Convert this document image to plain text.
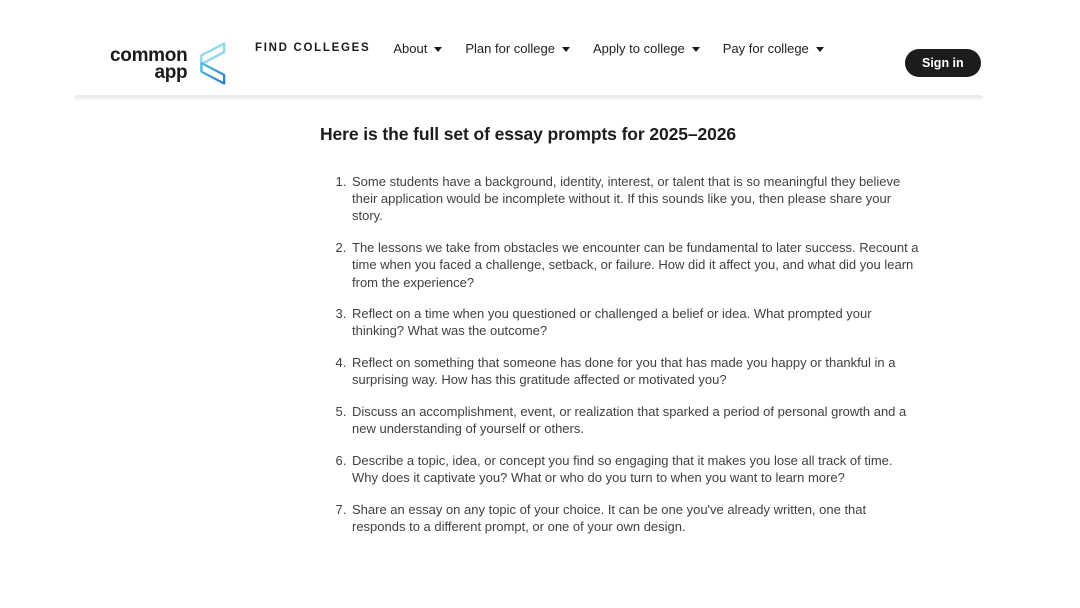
common
app
FIND COLLEGES About	Plan for college	Apply to college	Pay for college
Sign in
Here is the full set of essay prompts for 2025–2026
1. Some students have a background, identity, interest, or talent that is so meaningful they believe their application would be incomplete without it. If this sounds like you, then please share your story.
2. The lessons we take from obstacles we encounter can be fundamental to later success. Recount a time when you faced a challenge, setback, or failure. How did it affect you, and what did you learn from the experience?
3. Reflect on a time when you questioned or challenged a belief or idea. What prompted your thinking? What was the outcome?
4. Reflect on something that someone has done for you that has made you happy or thankful in a surprising way. How has this gratitude affected or motivated you?
5. Discuss an accomplishment, event, or realization that sparked a period of personal growth and a new understanding of yourself or others.
6. Describe a topic, idea, or concept you find so engaging that it makes you lose all track of time. Why does it captivate you? What or who do you turn to when you want to learn more?
7. Share an essay on any topic of your choice. It can be one you've already written, one that responds to a different prompt, or one of your own design.
